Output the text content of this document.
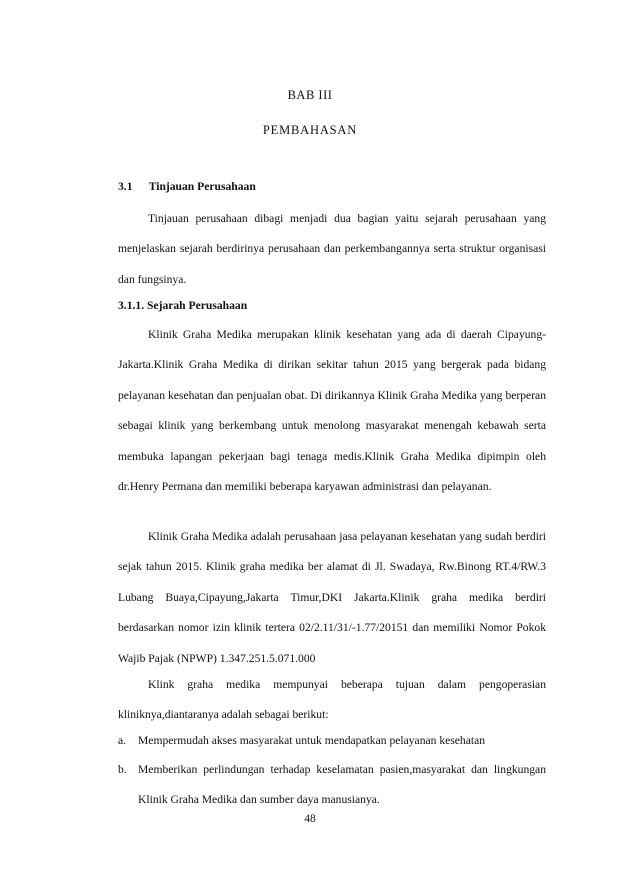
BAB III
PEMBAHASAN
3.1 Tinjauan Perusahaan

Tinjauan perusahaan dibagi menjadi dua bagian yaitu sejarah perusahaan yang menjelaskan sejarah berdirinya perusahaan dan perkembangannya serta struktur organisasi dan fungsinya.

3.1.1. Sejarah Perusahaan

Klinik Graha Medika merupakan klinik kesehatan yang ada di daerah Cipayung-Jakarta.Klinik Graha Medika di dirikan sekitar tahun 2015 yang bergerak pada bidang pelayanan kesehatan dan penjualan obat. Di dirikannya Klinik Graha Medika yang berperan sebagai klinik yang berkembang untuk menolong masyarakat menengah kebawah serta membuka lapangan pekerjaan bagi tenaga medis.Klinik Graha Medika dipimpin oleh dr.Henry Permana dan memiliki beberapa karyawan administrasi dan pelayanan.

Klinik Graha Medika adalah perusahaan jasa pelayanan kesehatan yang sudah berdiri sejak tahun 2015. Klinik graha medika ber alamat di Jl. Swadaya, Rw.Binong RT.4/RW.3 Lubang Buaya,Cipayung,Jakarta Timur,DKI Jakarta.Klinik graha medika berdiri berdasarkan nomor izin klinik tertera 02/2.11/31/-1.77/20151 dan memiliki Nomor Pokok Wajib Pajak (NPWP) 1.347.251.5.071.000

Klink graha medika mempunyai beberapa tujuan dalam pengoperasian kliniknya,diantaranya adalah sebagai berikut:

a.	Mempermudah akses masyarakat untuk mendapatkan pelayanan kesehatan
b. Memberikan perlindungan terhadap keselamatan pasien,masyarakat dan lingkungan Klinik Graha Medika dan sumber daya manusianya.
48
